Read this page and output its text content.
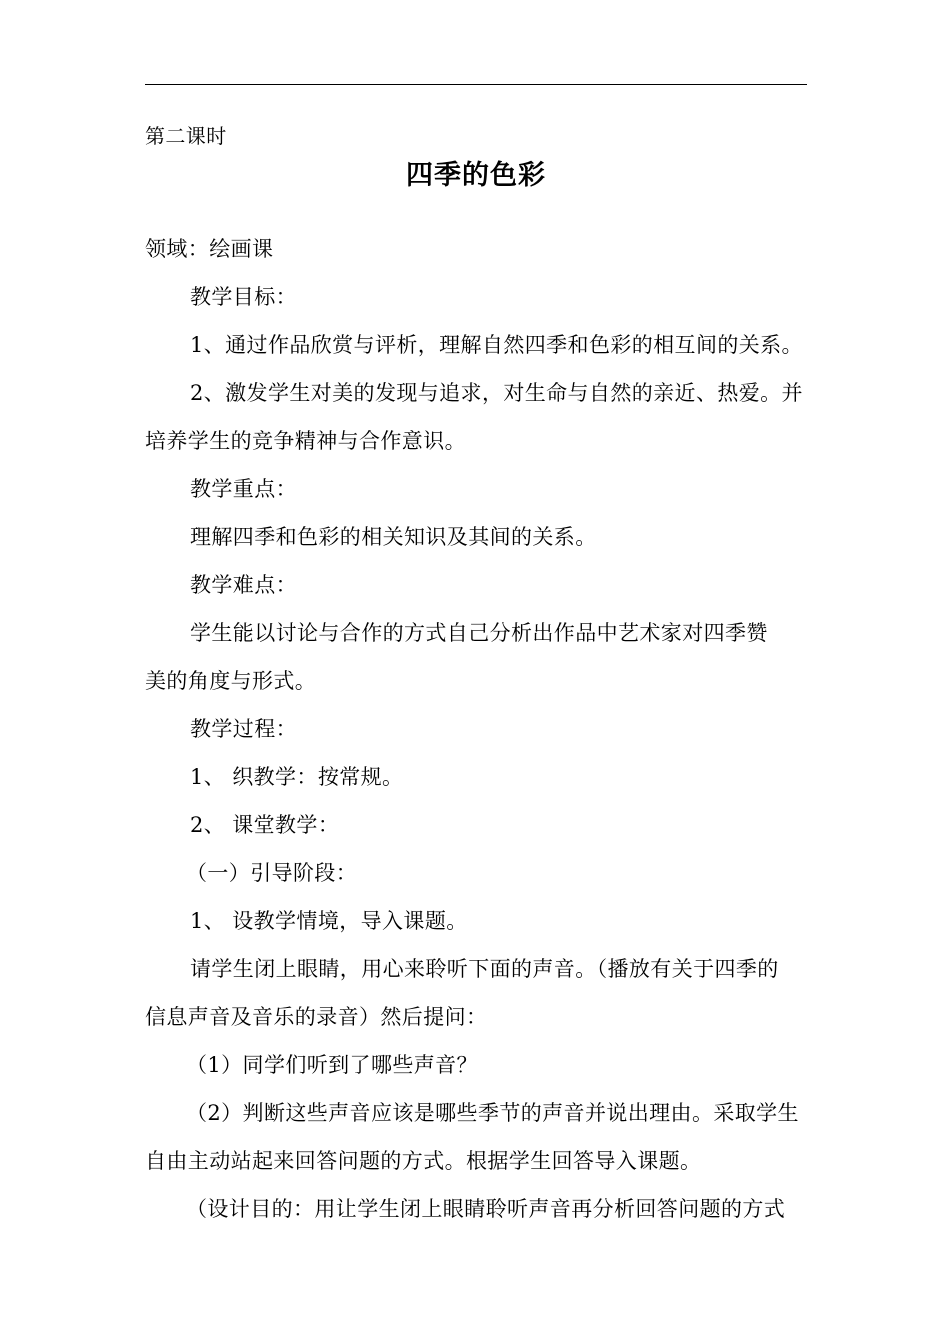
第二课时
四季的色彩
领域：绘画课
教学目标：
1、通过作品欣赏与评析，理解自然四季和色彩的相互间的关系。
2、激发学生对美的发现与追求，对生命与自然的亲近、热爱。并
培养学生的竞争精神与合作意识。
教学重点：
理解四季和色彩的相关知识及其间的关系。
教学难点：
学生能以讨论与合作的方式自己分析出作品中艺术家对四季赞
美的角度与形式。
教学过程：
1、 织教学：按常规。
2、 课堂教学：
（一）引导阶段：
1、 设教学情境，导入课题。
请学生闭上眼睛，用心来聆听下面的声音。（播放有关于四季的
信息声音及音乐的录音）然后提问：
（1）同学们听到了哪些声音？
（2）判断这些声音应该是哪些季节的声音并说出理由。采取学生
自由主动站起来回答问题的方式。根据学生回答导入课题。
（设计目的：用让学生闭上眼睛聆听声音再分析回答问题的方式
